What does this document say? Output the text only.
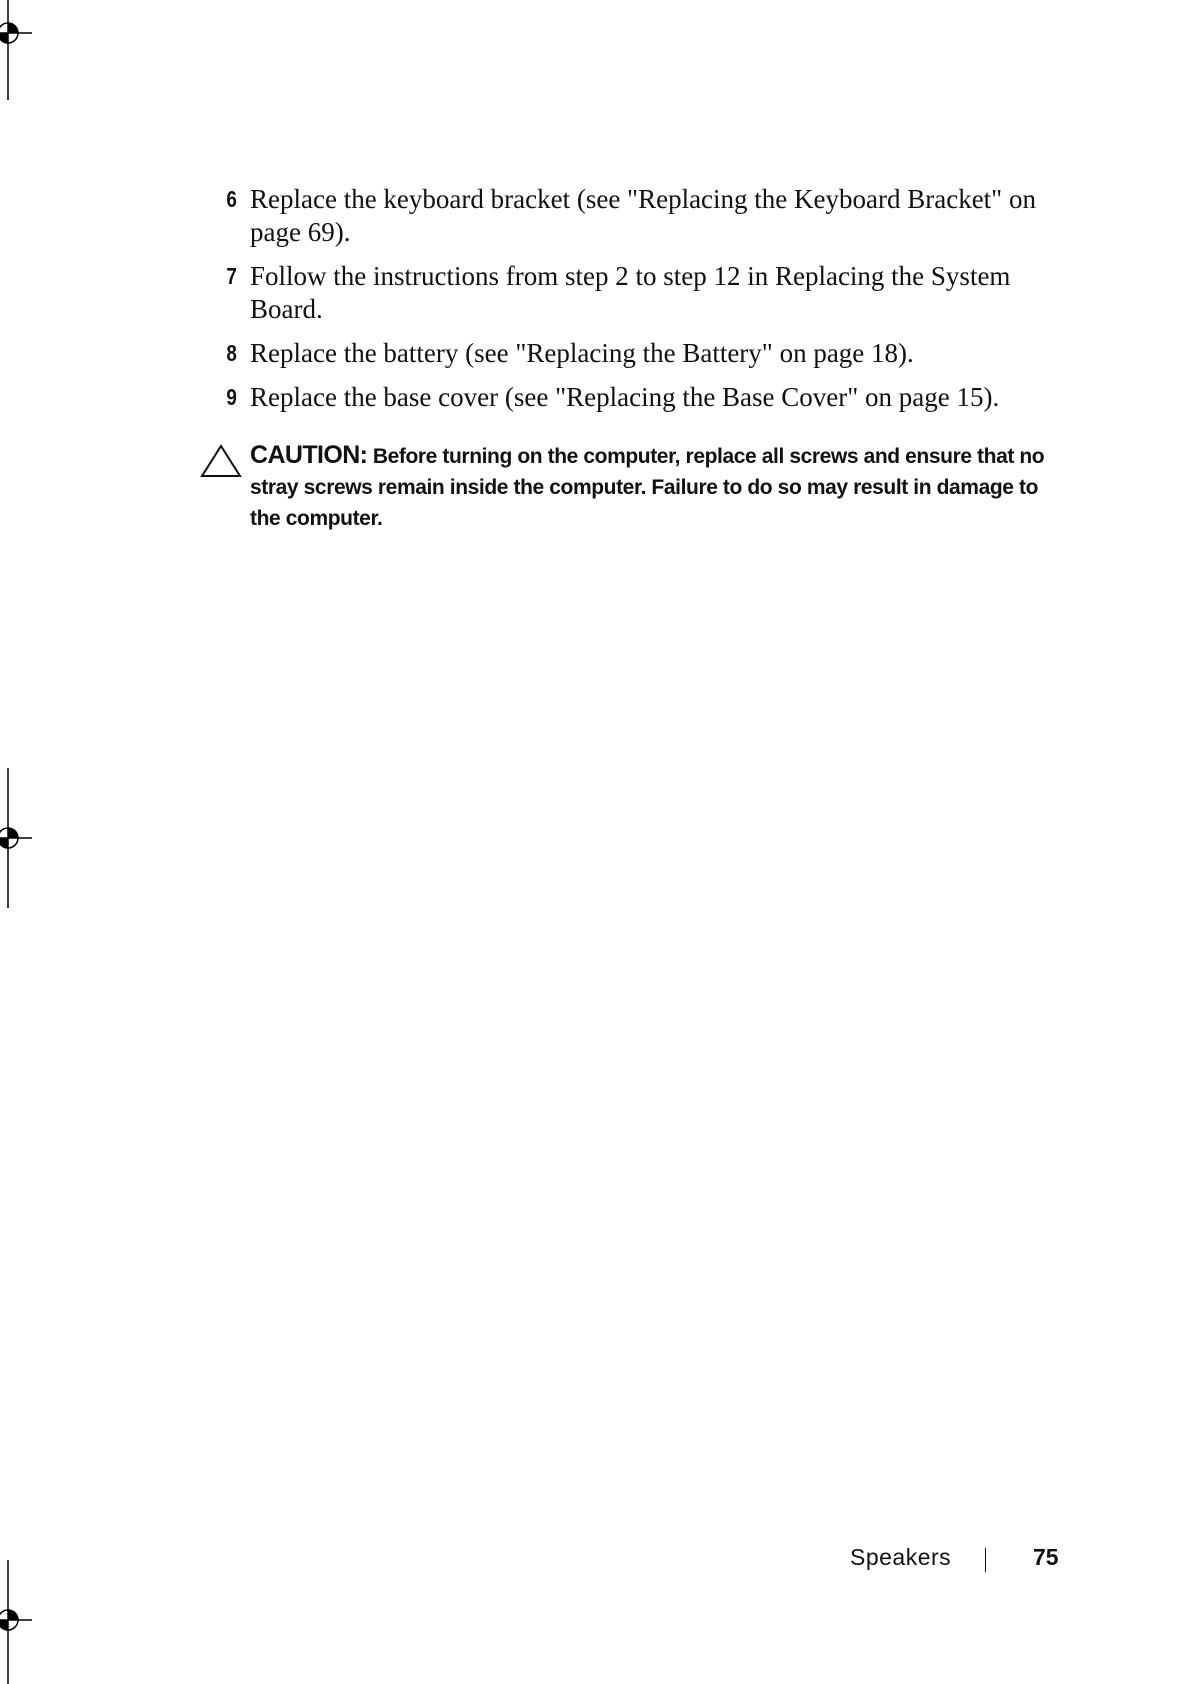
6 Replace the keyboard bracket (see "Replacing the Keyboard Bracket" on page 69).
7 Follow the instructions from step 2 to step 12 in Replacing the System Board.
8 Replace the battery (see "Replacing the Battery" on page 18).
9 Replace the base cover (see "Replacing the Base Cover" on page 15).
CAUTION: Before turning on the computer, replace all screws and ensure that no stray screws remain inside the computer. Failure to do so may result in damage to the computer.
Speakers	75
